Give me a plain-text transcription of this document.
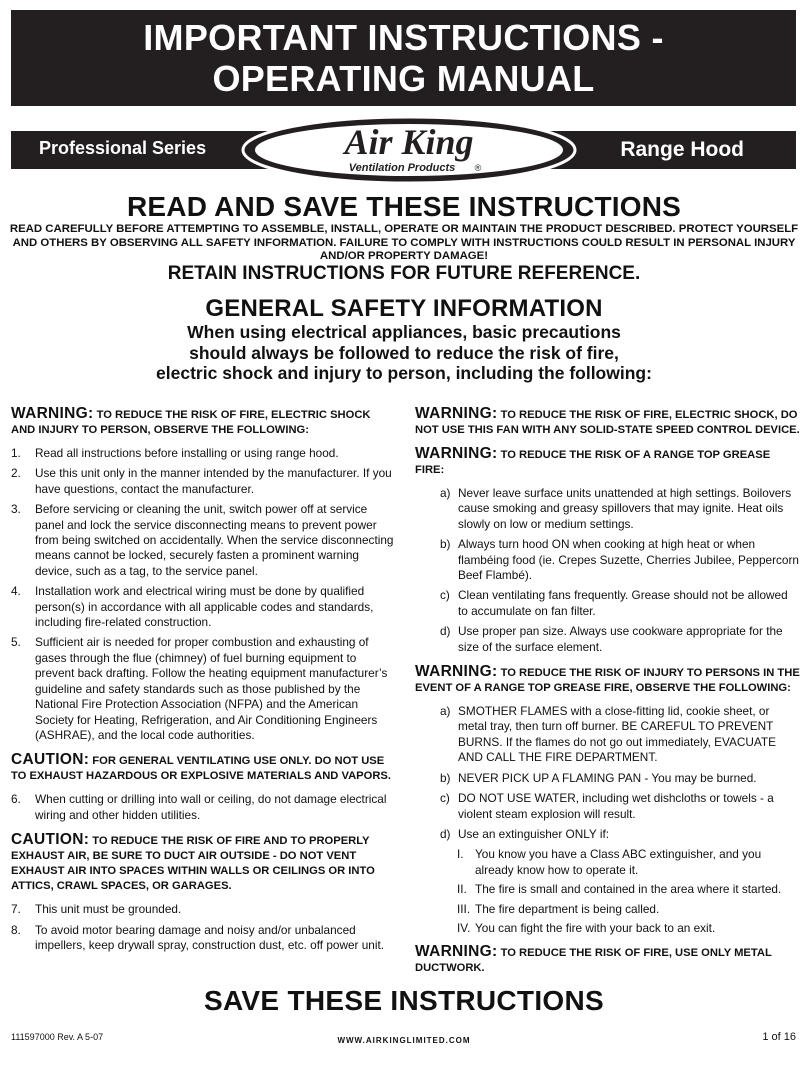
IMPORTANT INSTRUCTIONS -
OPERATING MANUAL
Professional Series	Air King
Ventilation Products ®
Range Hood
READ AND SAVE THESE INSTRUCTIONS
READ CAREFULLY BEFORE ATTEMPTING TO ASSEMBLE, INSTALL, OPERATE OR MAINTAIN THE PRODUCT DESCRIBED. PROTECT YOURSELF AND OTHERS BY OBSERVING ALL SAFETY INFORMATION. FAILURE TO COMPLY WITH INSTRUCTIONS COULD RESULT IN PERSONAL INJURY AND/OR PROPERTY DAMAGE!
RETAIN INSTRUCTIONS FOR FUTURE REFERENCE.
GENERAL SAFETY INFORMATION
When using electrical appliances, basic precautions
should always be followed to reduce the risk of fire,
electric shock and injury to person, including the following:
WARNING: TO REDUCE THE RISK OF FIRE, ELECTRIC SHOCK AND INJURY TO PERSON, OBSERVE THE FOLLOWING:
1. Read all instructions before installing or using range hood.
2. Use this unit only in the manner intended by the manufacturer. If you have questions, contact the manufacturer.
3. Before servicing or cleaning the unit, switch power off at service panel and lock the service disconnecting means to prevent power from being switched on accidentally. When the service disconnecting means cannot be locked, securely fasten a prominent warning device, such as a tag, to the service panel.
4. Installation work and electrical wiring must be done by qualified person(s) in accordance with all applicable codes and standards, including fire-related construction.
5. Sufficient air is needed for proper combustion and exhausting of gases through the flue (chimney) of fuel burning equipment to prevent back drafting. Follow the heating equipment manufacturer’s guideline and safety standards such as those published by the National Fire Protection Association (NFPA) and the American Society for Heating, Refrigeration, and Air Conditioning Engineers (ASHRAE), and the local code authorities.
CAUTION: FOR GENERAL VENTILATING USE ONLY. DO NOT USE TO EXHAUST HAZARDOUS OR EXPLOSIVE MATERIALS AND VAPORS.
6. When cutting or drilling into wall or ceiling, do not damage electrical wiring and other hidden utilities.
CAUTION: TO REDUCE THE RISK OF FIRE AND TO PROPERLY EXHAUST AIR, BE SURE TO DUCT AIR OUTSIDE - DO NOT VENT EXHAUST AIR INTO SPACES WITHIN WALLS OR CEILINGS OR INTO ATTICS, CRAWL SPACES, OR GARAGES.
7. This unit must be grounded.
8. To avoid motor bearing damage and noisy and/or unbalanced impellers, keep drywall spray, construction dust, etc. off power unit.
WARNING: TO REDUCE THE RISK OF FIRE, ELECTRIC SHOCK, DO NOT USE THIS FAN WITH ANY SOLID-STATE SPEED CONTROL DEVICE.
WARNING: TO REDUCE THE RISK OF A RANGE TOP GREASE FIRE:
a) Never leave surface units unattended at high settings. Boilovers cause smoking and greasy spillovers that may ignite. Heat oils slowly on low or medium settings.
b) Always turn hood ON when cooking at high heat or when flambéing food (ie. Crepes Suzette, Cherries Jubilee, Peppercorn Beef Flambé).
c) Clean ventilating fans frequently. Grease should not be allowed to accumulate on fan filter.
d) Use proper pan size. Always use cookware appropriate for the size of the surface element.
WARNING: TO REDUCE THE RISK OF INJURY TO PERSONS IN THE EVENT OF A RANGE TOP GREASE FIRE, OBSERVE THE FOLLOWING:
a) SMOTHER FLAMES with a close-fitting lid, cookie sheet, or metal tray, then turn off burner. BE CAREFUL TO PREVENT BURNS. If the flames do not go out immediately, EVACUATE AND CALL THE FIRE DEPARTMENT.
b) NEVER PICK UP A FLAMING PAN - You may be burned.
c) DO NOT USE WATER, including wet dishcloths or towels - a violent steam explosion will result.
d) Use an extinguisher ONLY if:
I. You know you have a Class ABC extinguisher, and you already know how to operate it.
II. The fire is small and contained in the area where it started.
III. The fire department is being called.
IV. You can fight the fire with your back to an exit.
WARNING: TO REDUCE THE RISK OF FIRE, USE ONLY METAL DUCTWORK.
SAVE THESE INSTRUCTIONS
111597000 Rev. A 5-07	WWW.AIRKINGLIMITED.COM	1 of 16
